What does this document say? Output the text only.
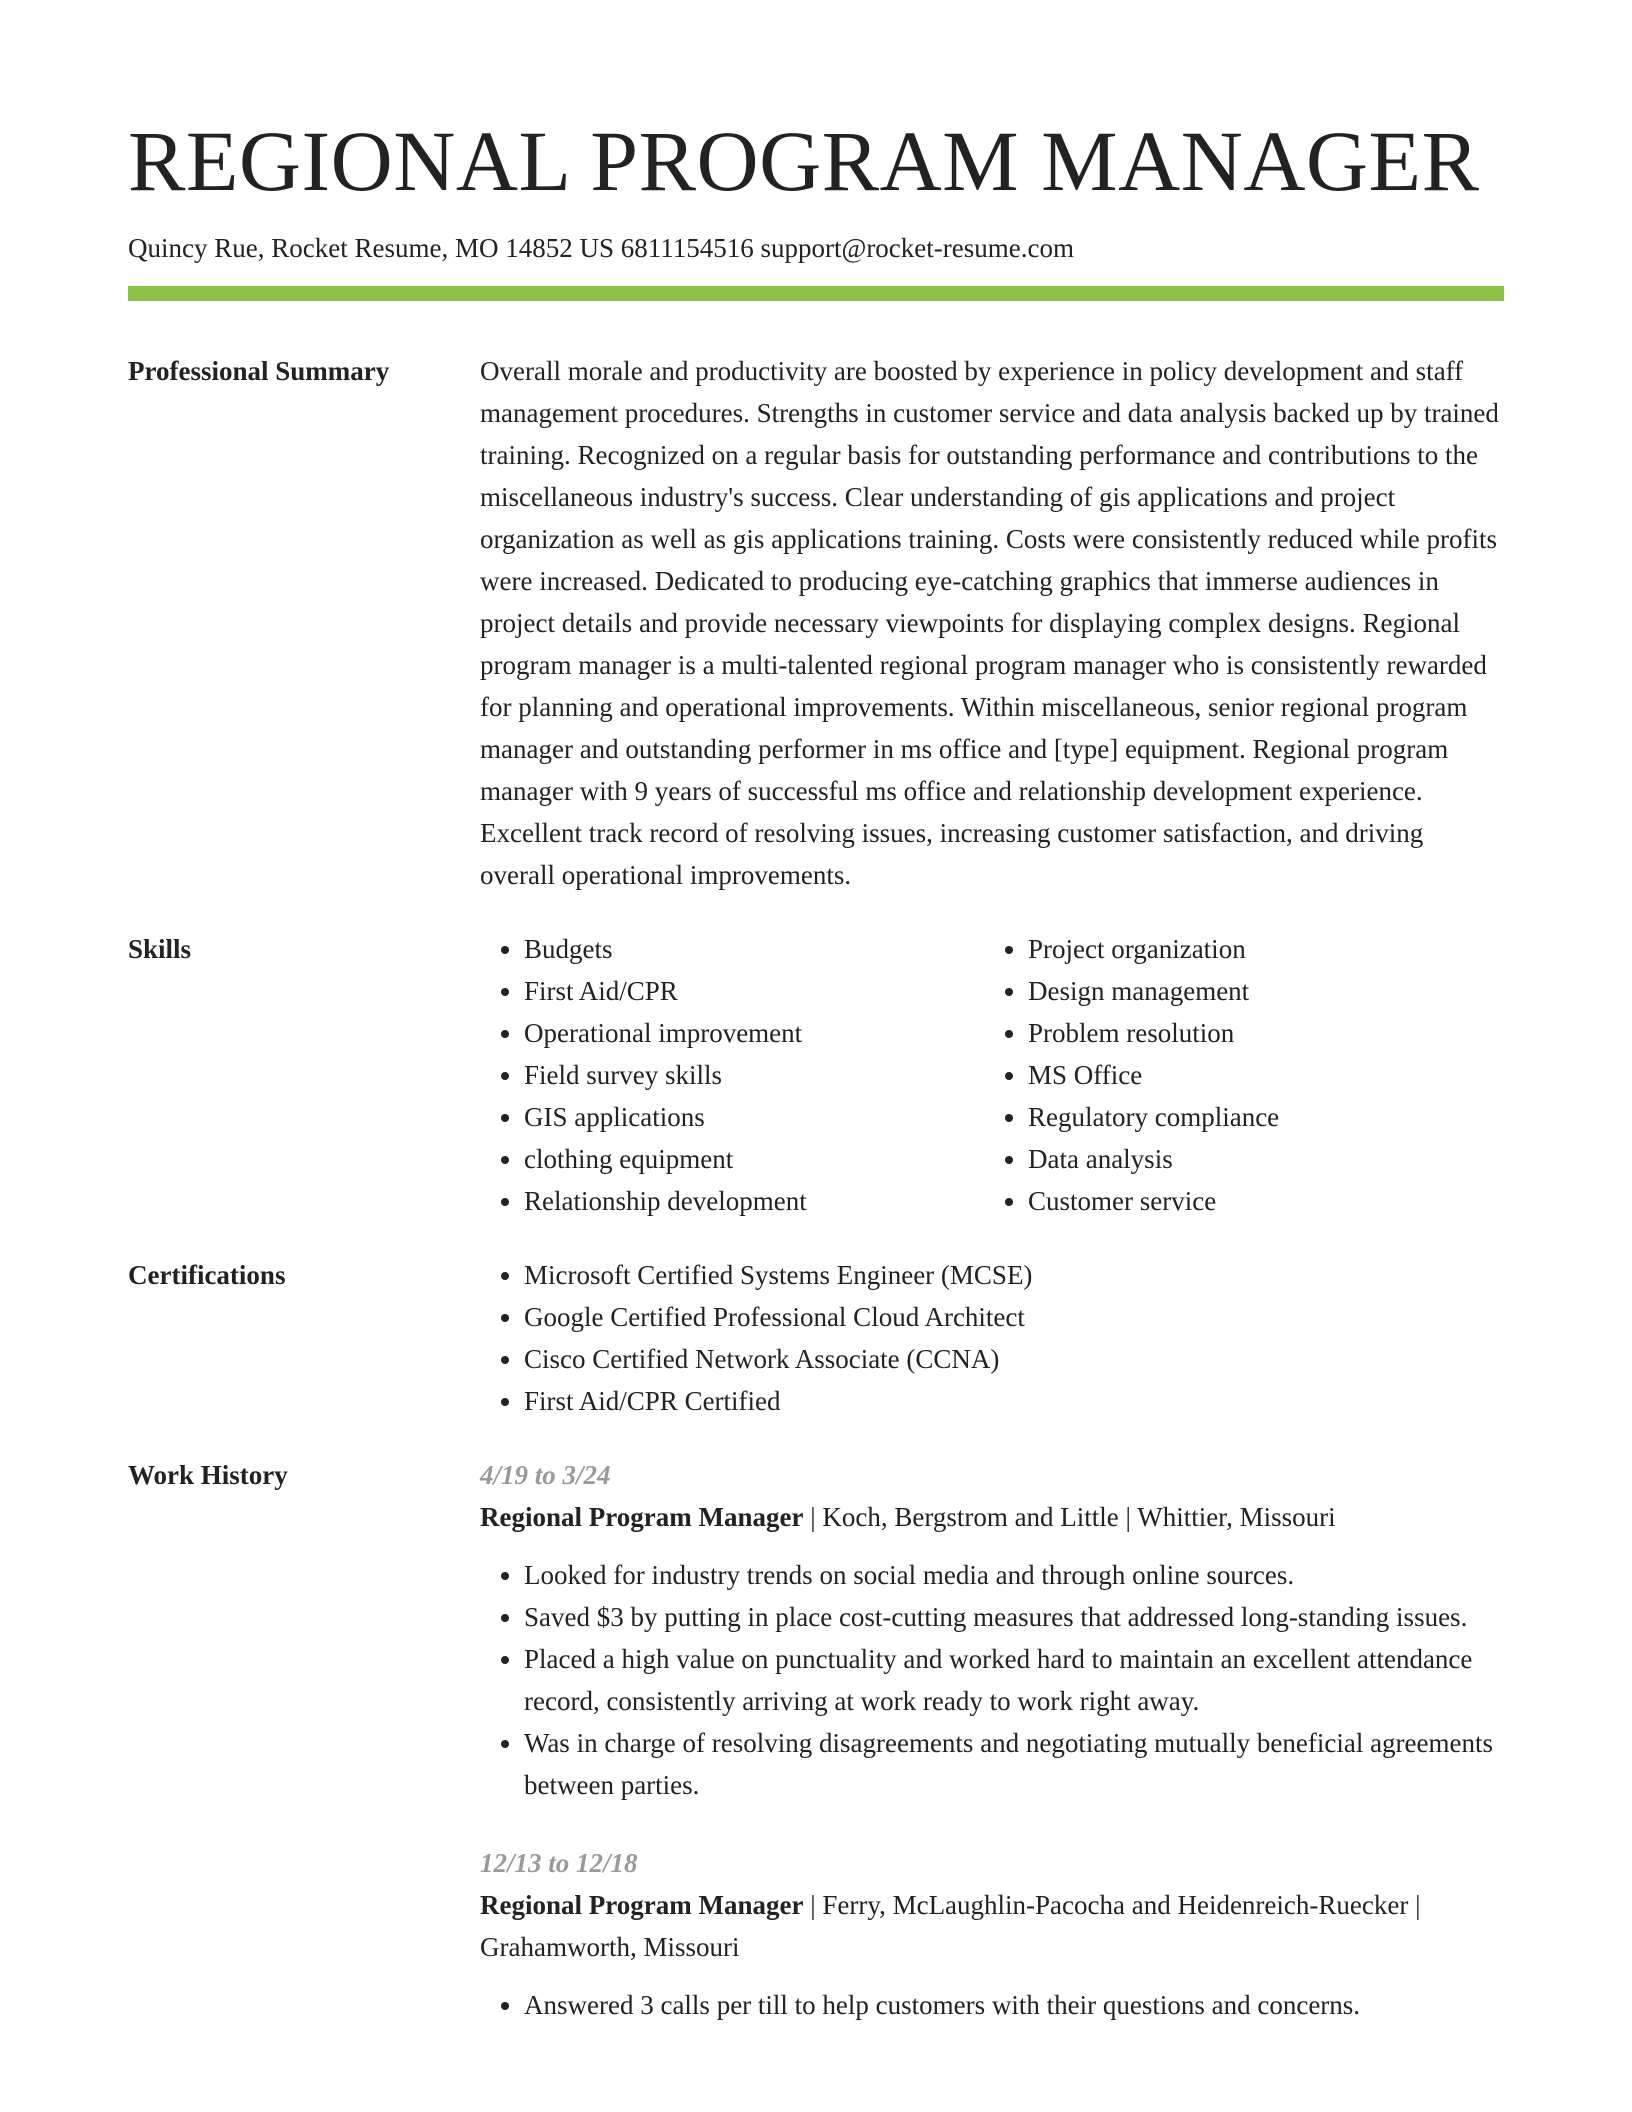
REGIONAL PROGRAM MANAGER
Quincy Rue, Rocket Resume, MO 14852 US 6811154516 support@rocket-resume.com
Professional Summary	Overall morale and productivity are boosted by experience in policy development and staff management procedures. Strengths in customer service and data analysis backed up by trained training. Recognized on a regular basis for outstanding performance and contributions to the miscellaneous industry's success. Clear understanding of gis applications and project organization as well as gis applications training. Costs were consistently reduced while profits were increased. Dedicated to producing eye-catching graphics that immerse audiences in project details and provide necessary viewpoints for displaying complex designs. Regional program manager is a multi-talented regional program manager who is consistently rewarded for planning and operational improvements. Within miscellaneous, senior regional program manager and outstanding performer in ms office and [type] equipment. Regional program manager with 9 years of successful ms office and relationship development experience. Excellent track record of resolving issues, increasing customer satisfaction, and driving overall operational improvements.

Skills	• Budgets
• First Aid/CPR
• Operational improvement
• Field survey skills
• GIS applications
• clothing equipment
• Relationship development
• Project organization
• Design management
• Problem resolution
• MS Office
• Regulatory compliance
• Data analysis
• Customer service
Certifications	• Microsoft Certified Systems Engineer (MCSE)
• Google Certified Professional Cloud Architect
• Cisco Certified Network Associate (CCNA)
• First Aid/CPR Certified
Work History	4/19 to 3/24
Regional Program Manager | Koch, Bergstrom and Little | Whittier, Missouri
• Looked for industry trends on social media and through online sources.
• Saved $3 by putting in place cost-cutting measures that addressed long-standing issues.
• Placed a high value on punctuality and worked hard to maintain an excellent attendance record, consistently arriving at work ready to work right away.
• Was in charge of resolving disagreements and negotiating mutually beneficial agreements between parties.
12/13 to 12/18
Regional Program Manager | Ferry, McLaughlin-Pacocha and Heidenreich-Ruecker | Grahamworth, Missouri
• Answered 3 calls per till to help customers with their questions and concerns.
